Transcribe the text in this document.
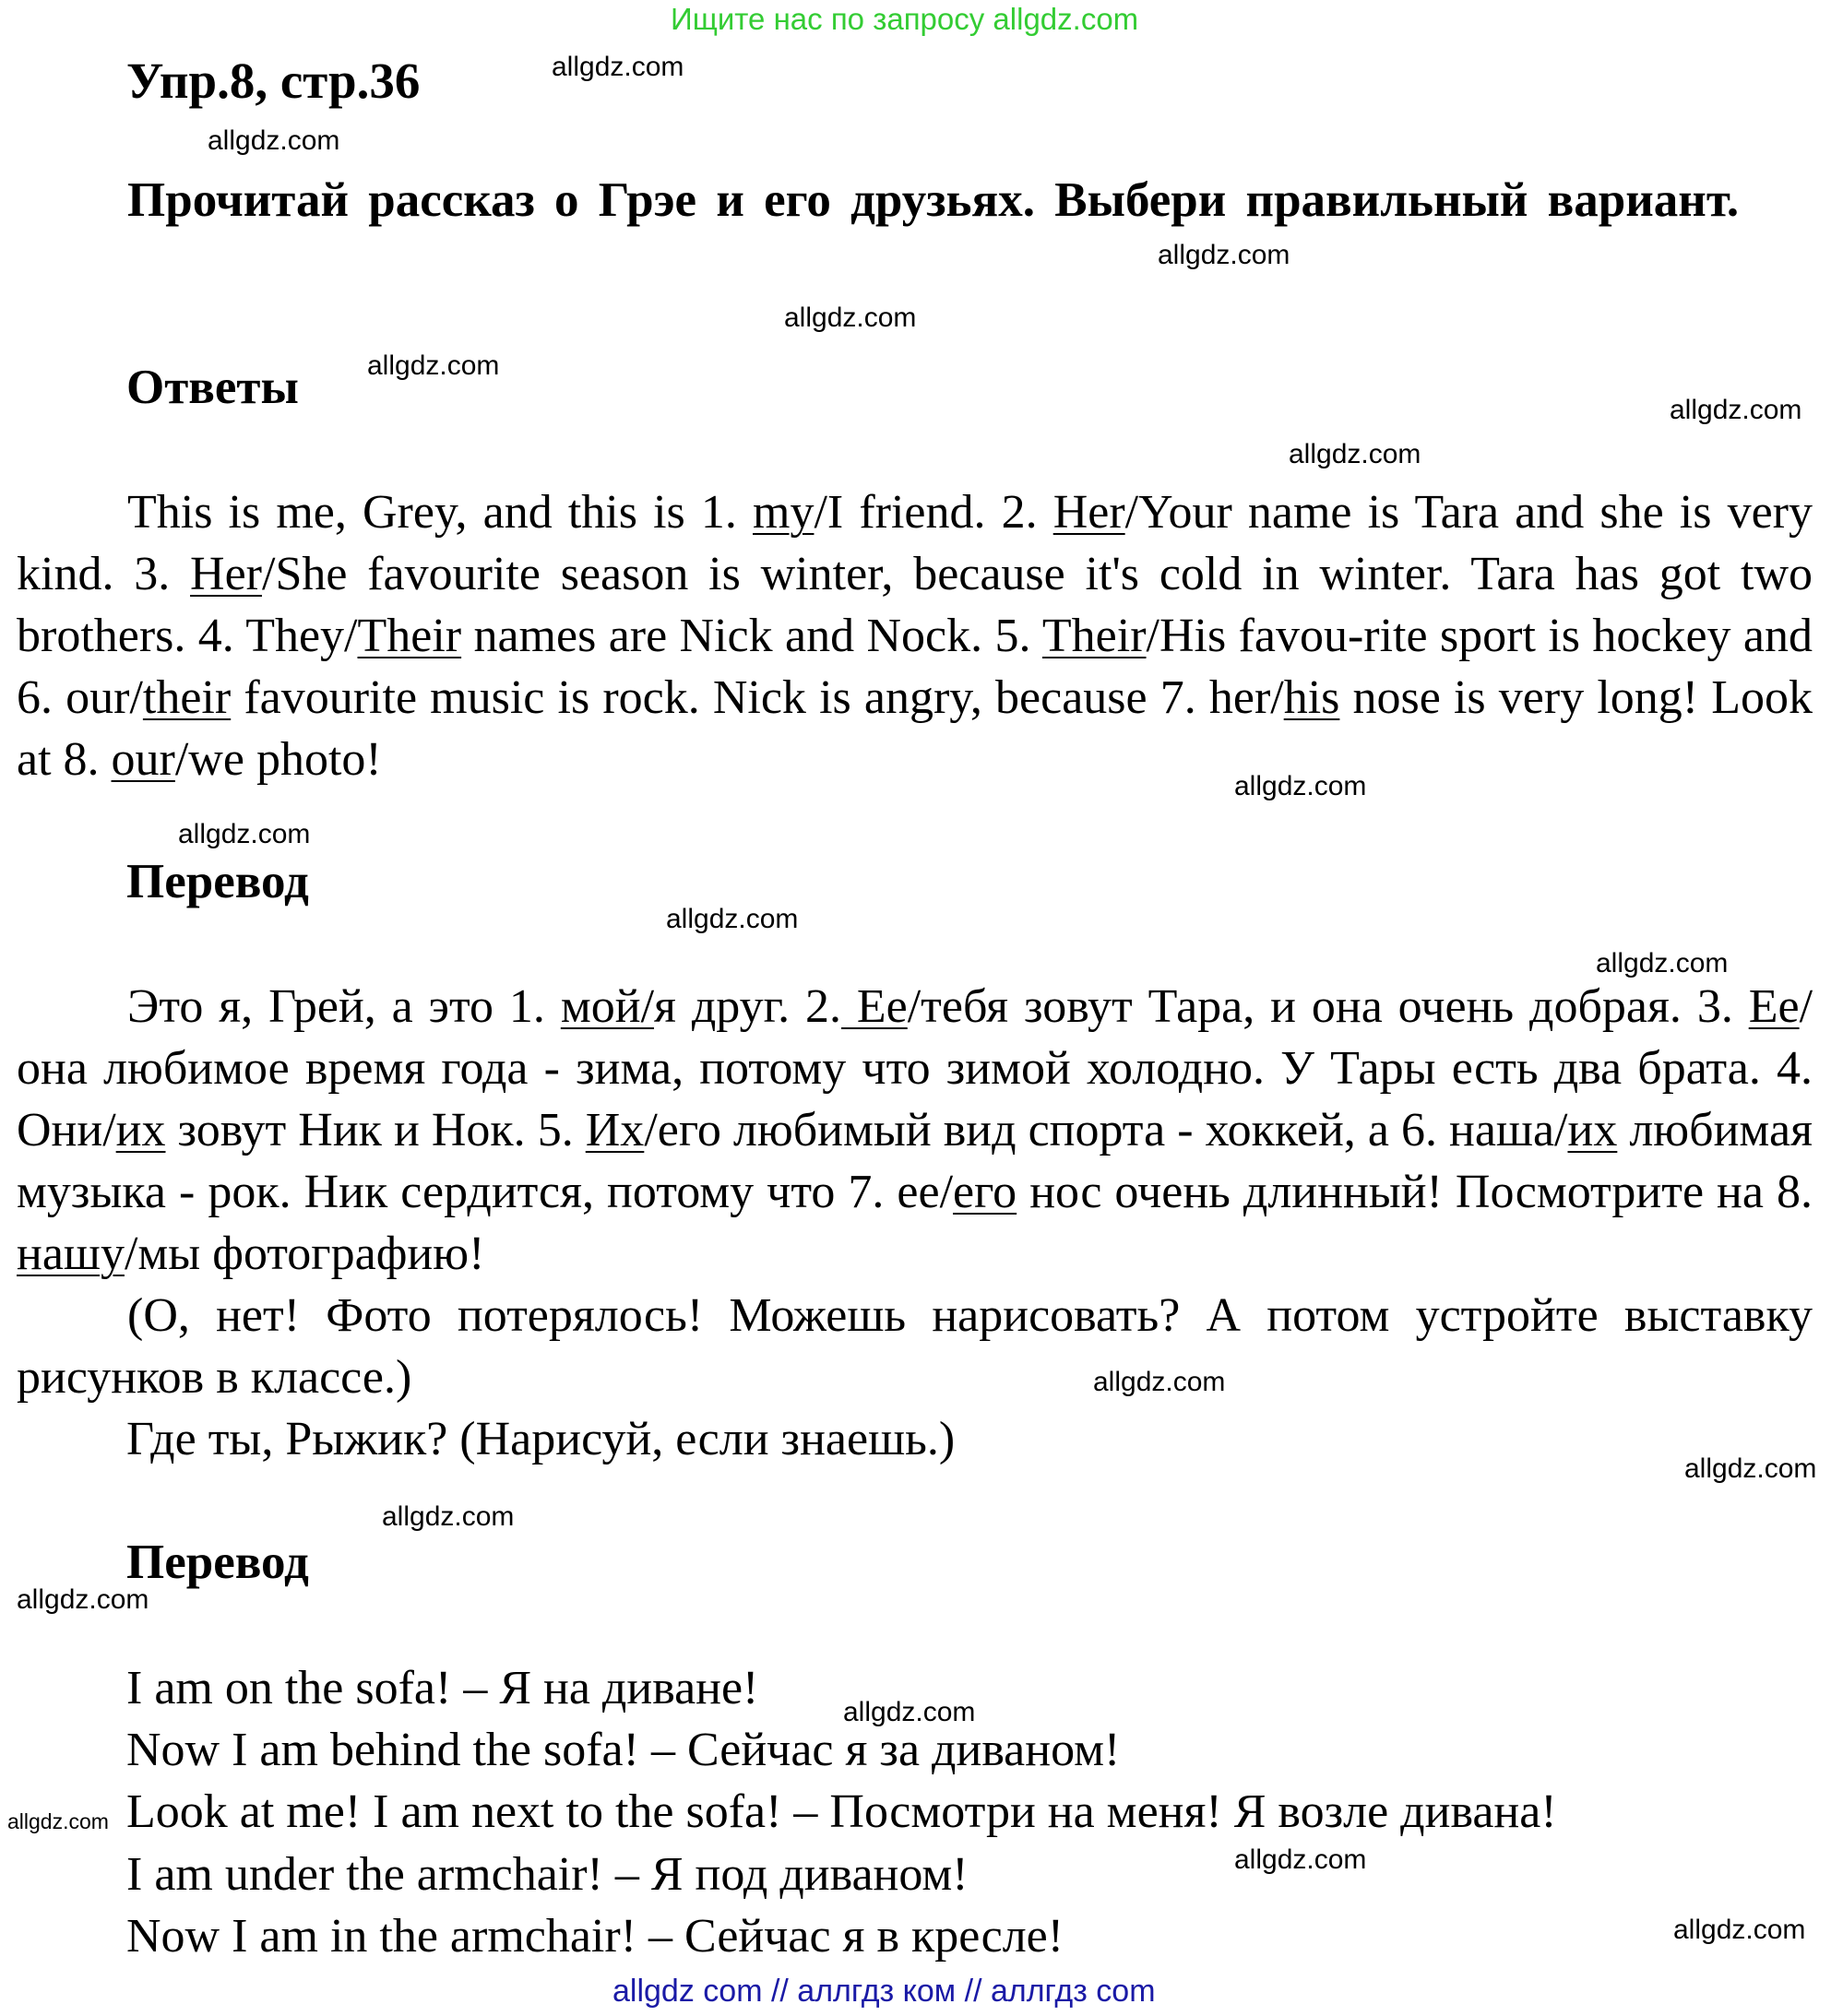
Ищите нас по запросу allgdz.com
Упр.8, стр.36
Прочитай рассказ о Грэе и его друзьях. Выбери правильный вариант.
Ответы

This is me, Grey, and this is 1. my/I friend. 2. Her/Your name is Tara and she is very kind. 3. Her/She favourite season is winter, because it's cold in winter. Tara has got two brothers. 4. They/Their names are Nick and Nock. 5. Their/His favou-rite sport is hockey and 6. our/their favourite music is rock. Nick is angry, because 7. her/his nose is very long! Look at 8. our/we photo!

Перевод

Это я, Грей, а это 1. мой/я друг. 2. Ее/тебя зовут Тара, и она очень добрая. 3. Ее/она любимое время года - зима, потому что зимой холодно. У Тары есть два брата. 4. Они/их зовут Ник и Нок. 5. Их/его любимый вид спорта - хоккей, а 6. наша/их любимая музыка - рок. Ник сердится, потому что 7. ее/его нос очень длинный! Посмотрите на 8. нашу/мы фотографию!

(О, нет! Фото потерялось! Можешь нарисовать? А потом устройте выставку рисунков в классе.)

Где ты, Рыжик? (Нарисуй, если знаешь.)
Перевод
I am on the sofa! – Я на диване!
Now I am behind the sofa! – Сейчас я за диваном!
Look at me! I am next to the sofa! – Посмотри на меня! Я возле дивана!
I am under the armchair! – Я под диваном!
Now I am in the armchair! – Сейчас я в кресле!
allgdz.com
allgdz.com
allgdz.com
allgdz.com
allgdz.com
allgdz.com
allgdz.com
allgdz.com
allgdz.com
allgdz.com
allgdz.com
allgdz.com
allgdz.com
allgdz.com
allgdz.com
allgdz.com
allgdz.com
allgdz.com
allgdz.com
allgdz com // аллгдз ком // аллгдз com
